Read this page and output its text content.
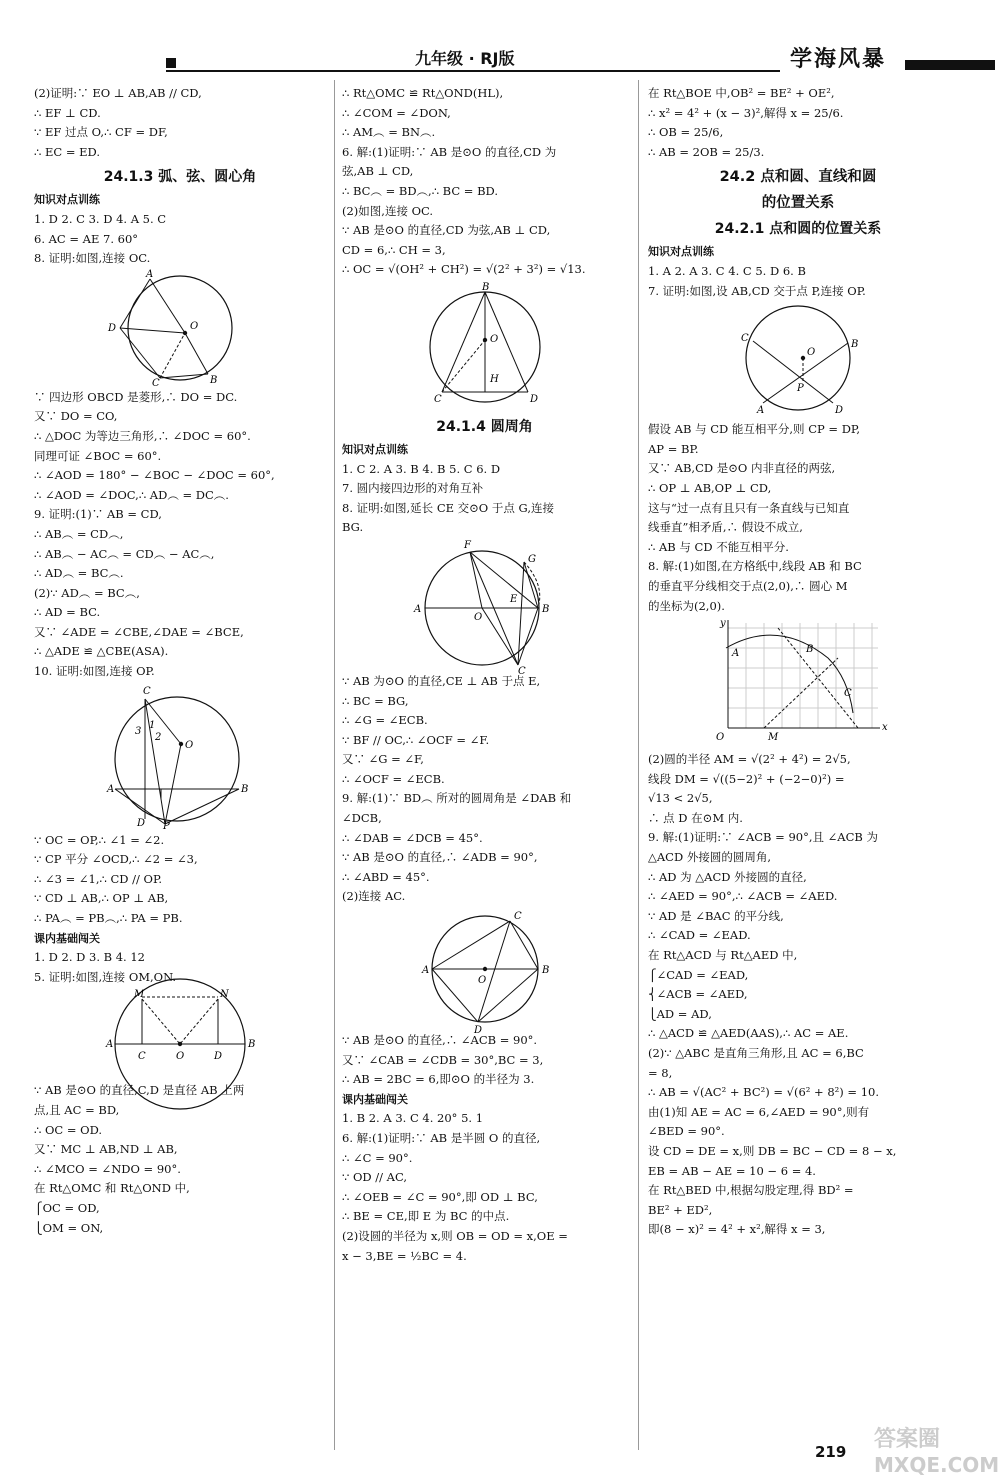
九年级 · RJ版	学海风暴
(2)证明:∵ EO ⊥ AB,AB // CD,
∴ EF ⊥ CD.
∵ EF 过点 O,∴ CF = DF,
∴ EC = ED.
24.1.3 弧、弦、圆心角
知识对点训练
1. D 2. C 3. D 4. A 5. C
6. AC = AE 7. 60°
8. 证明:如图,连接 OC.
A
D	O
C	B
∵ 四边形 OBCD 是菱形,∴ DO = DC.
又∵ DO = CO,
∴ △DOC 为等边三角形,∴ ∠DOC = 60°.
同理可证 ∠BOC = 60°.
∴ ∠AOD = 180° − ∠BOC − ∠DOC = 60°,
∴ ∠AOD = ∠DOC,∴ AD︵ = DC︵.
9. 证明:(1)∵ AB = CD,
∴ AB︵ = CD︵,
∴ AB︵ − AC︵ = CD︵ − AC︵,
∴ AD︵ = BC︵.
(2)∵ AD︵ = BC︵,
∴ AD = BC.
又∵ ∠ADE = ∠CBE,∠DAE = ∠BCE,
∴ △ADE ≌ △CBE(ASA).
10. 证明:如图,连接 OP.
C
3
1
2
O
A	B
D P
∵ OC = OP,∴ ∠1 = ∠2.
∵ CP 平分 ∠OCD,∴ ∠2 = ∠3,
∴ ∠3 = ∠1,∴ CD // OP.
∵ CD ⊥ AB,∴ OP ⊥ AB,
∴ PA︵ = PB︵,∴ PA = PB.
课内基础闯关
1. D 2. D 3. B 4. 12
5. 证明:如图,连接 OM,ON.
M	N
A
C	O	D
B
∵ AB 是⊙O 的直径,C,D 是直径 AB 上两
点,且 AC = BD,
∴ OC = OD.
又∵ MC ⊥ AB,ND ⊥ AB,
∴ ∠MCO = ∠NDO = 90°.
在 Rt△OMC 和 Rt△OND 中,
⎧OC = OD,
⎩OM = ON,
∴ Rt△OMC ≌ Rt△OND(HL),
∴ ∠COM = ∠DON,
∴ AM︵ = BN︵.
6. 解:(1)证明:∵ AB 是⊙O 的直径,CD 为
弦,AB ⊥ CD,
∴ BC︵ = BD︵,∴ BC = BD.
(2)如图,连接 OC.
∵ AB 是⊙O 的直径,CD 为弦,AB ⊥ CD,
CD = 6,∴ CH = 3,
∴ OC = √(OH² + CH²) = √(2² + 3²) = √13.
B
O
H
C	D
24.1.4 圆周角
知识对点训练
1. C 2. A 3. B 4. B 5. C 6. D
7. 圆内接四边形的对角互补
8. 证明:如图,延长 CE 交⊙O 于点 G,连接
BG.
F
G
A
O
E
B
C
∵ AB 为⊙O 的直径,CE ⊥ AB 于点 E,
∴ BC = BG,
∴ ∠G = ∠ECB.
∵ BF // OC,∴ ∠OCF = ∠F.
又∵ ∠G = ∠F,
∴ ∠OCF = ∠ECB.
9. 解:(1)∵ BD︵ 所对的圆周角是 ∠DAB 和
∠DCB,
∴ ∠DAB = ∠DCB = 45°.
∵ AB 是⊙O 的直径,∴ ∠ADB = 90°,
∴ ∠ABD = 45°.
(2)连接 AC.
C
A
O
B
D
∵ AB 是⊙O 的直径,∴ ∠ACB = 90°.
又∵ ∠CAB = ∠CDB = 30°,BC = 3,
∴ AB = 2BC = 6,即⊙O 的半径为 3.
课内基础闯关
1. B 2. A 3. C 4. 20° 5. 1
6. 解:(1)证明:∵ AB 是半圆 O 的直径,
∴ ∠C = 90°.
∵ OD // AC,
∴ ∠OEB = ∠C = 90°,即 OD ⊥ BC,
∴ BE = CE,即 E 为 BC 的中点.
(2)设圆的半径为 x,则 OB = OD = x,OE =
x − 3,BE = ½BC = 4.
在 Rt△BOE 中,OB² = BE² + OE²,
∴ x² = 4² + (x − 3)²,解得 x = 25/6.
∴ OB = 25/6,
∴ AB = 2OB = 25/3.
24.2 点和圆、直线和圆
的位置关系
24.2.1 点和圆的位置关系
知识对点训练
1. A 2. A 3. C 4. C 5. D 6. B
7. 证明:如图,设 AB,CD 交于点 P,连接 OP.
C
O
B
A
P
D
假设 AB 与 CD 能互相平分,则 CP = DP,
AP = BP.
又∵ AB,CD 是⊙O 内非直径的两弦,
∴ OP ⊥ AB,OP ⊥ CD,
这与“过一点有且只有一条直线与已知直
线垂直”相矛盾,∴ 假设不成立,
∴ AB 与 CD 不能互相平分.
8. 解:(1)如图,在方格纸中,线段 AB 和 BC
的垂直平分线相交于点(2,0),∴ 圆心 M
的坐标为(2,0).
y
A	B
C
O	M
x
(2)圆的半径 AM = √(2² + 4²) = 2√5,
线段 DM = √((5−2)² + (−2−0)²) =
√13 < 2√5,
∴ 点 D 在⊙M 内.
9. 解:(1)证明:∵ ∠ACB = 90°,且 ∠ACB 为
△ACD 外接圆的圆周角,
∴ AD 为 △ACD 外接圆的直径,
∴ ∠AED = 90°,∴ ∠ACB = ∠AED.
∵ AD 是 ∠BAC 的平分线,
∴ ∠CAD = ∠EAD.
在 Rt△ACD 与 Rt△AED 中,
⎧∠CAD = ∠EAD,
⎨∠ACB = ∠AED,
⎩AD = AD,
∴ △ACD ≌ △AED(AAS),∴ AC = AE.
(2)∵ △ABC 是直角三角形,且 AC = 6,BC
= 8,
∴ AB = √(AC² + BC²) = √(6² + 8²) = 10.
由(1)知 AE = AC = 6,∠AED = 90°,则有
∠BED = 90°.
设 CD = DE = x,则 DB = BC − CD = 8 − x,
EB = AB − AE = 10 − 6 = 4.
在 Rt△BED 中,根据勾股定理,得 BD² =
BE² + ED²,
即(8 − x)² = 4² + x²,解得 x = 3,
219 答案圈
MXQE.COM
